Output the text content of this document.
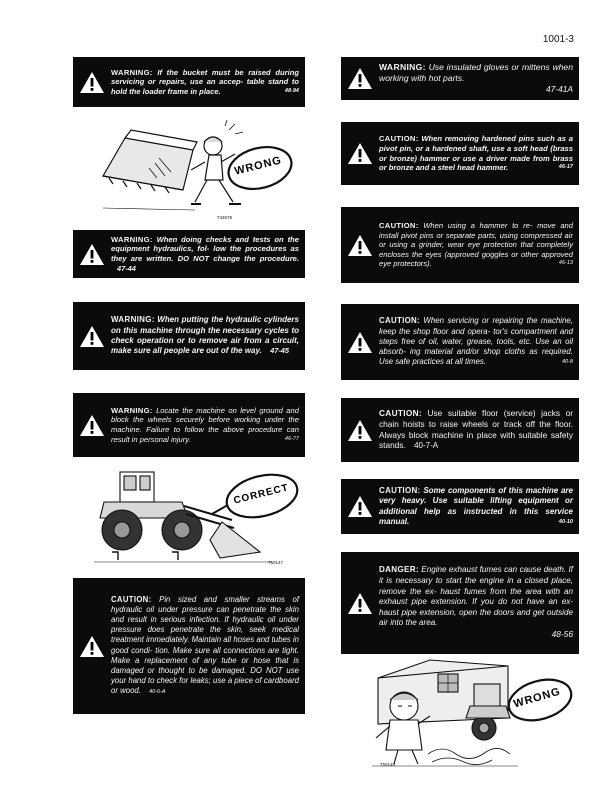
1001-3
WARNING: If the bucket must be raised during servicing or repairs, use an accep- table stand to hold the loader frame in place.	48-94
WRONG
742679
WARNING: When doing checks and tests on the equipment hydraulics, fol- low the procedures as they are written. DO NOT change the procedure. 47-44
WARNING: When putting the hydraulic cylinders on this machine through the necessary cycles to check operation or to remove air from a circuit, make sure all people are out of the way. 47-45
WARNING: Locate the machine on level ground and block the wheels securely before working under the machine. Failure to follow the above procedure can result in personal injury.	46-77
CORRECT
750147
CAUTION: Pin sized and smaller streams of hydraulic oil under pressure can penetrate the skin and result in serious infection. If hydraulic oil under pressure does penetrate the skin, seek medical treatment immediately. Maintain all hoses and tubes in good condi- tion. Make sure all connections are tight. Make a replacement of any tube or hose that is damaged or thought to be damaged. DO NOT use your hand to check for leaks; use a piece of cardboard or wood. 40-6-A
WARNING: Use insulated gloves or mittens when working with hot parts.
47-41A
CAUTION: When removing hardened pins such as a pivot pin, or a hardened shaft, use a soft head (brass or bronze) hammer or use a driver made from brass or bronze and a steel head hammer.	46-17
CAUTION: When using a hammer to re- move and install pivot pins or separate parts, using compressed air or using a grinder, wear eye protection that completely encloses the eyes (approved goggles or other approved eye protectors).	46-13
CAUTION: When servicing or repairing the machine, keep the shop floor and opera- tor's compartment and steps free of oil, water, grease, tools, etc. Use an oil absorb- ing material and/or shop cloths as required. Use safe practices at all times.	40-8
CAUTION: Use suitable floor (service) jacks or chain hoists to raise wheels or track off the floor. Always block machine in place with suitable safety stands. 40-7-A
CAUTION: Some components of this machine are very heavy. Use suitable lifting equipment or additional help as instructed in this service manual.	40-10
DANGER: Engine exhaust fumes can cause death. If it is necessary to start the engine in a closed place, remove the ex- haust fumes from the area with an exhaust pipe extension. If you do not have an ex- haust pipe extension, open the doors and get outside air into the area.
48-56
WRONG
750149
